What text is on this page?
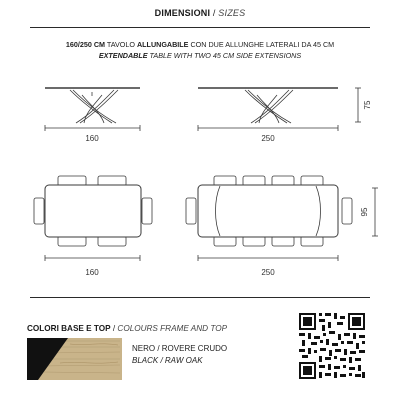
DIMENSIONI / SIZES
160/250 CM TAVOLO ALLUNGABILE CON DUE ALLUNGHE LATERALI DA 45 CM
EXTENDABLE TABLE WITH TWO 45 CM SIDE EXTENSIONS
160	250
75
160	250
95
COLORI BASE E TOP / COLOURS FRAME AND TOP
NERO / ROVERE CRUDO
BLACK / RAW OAK
